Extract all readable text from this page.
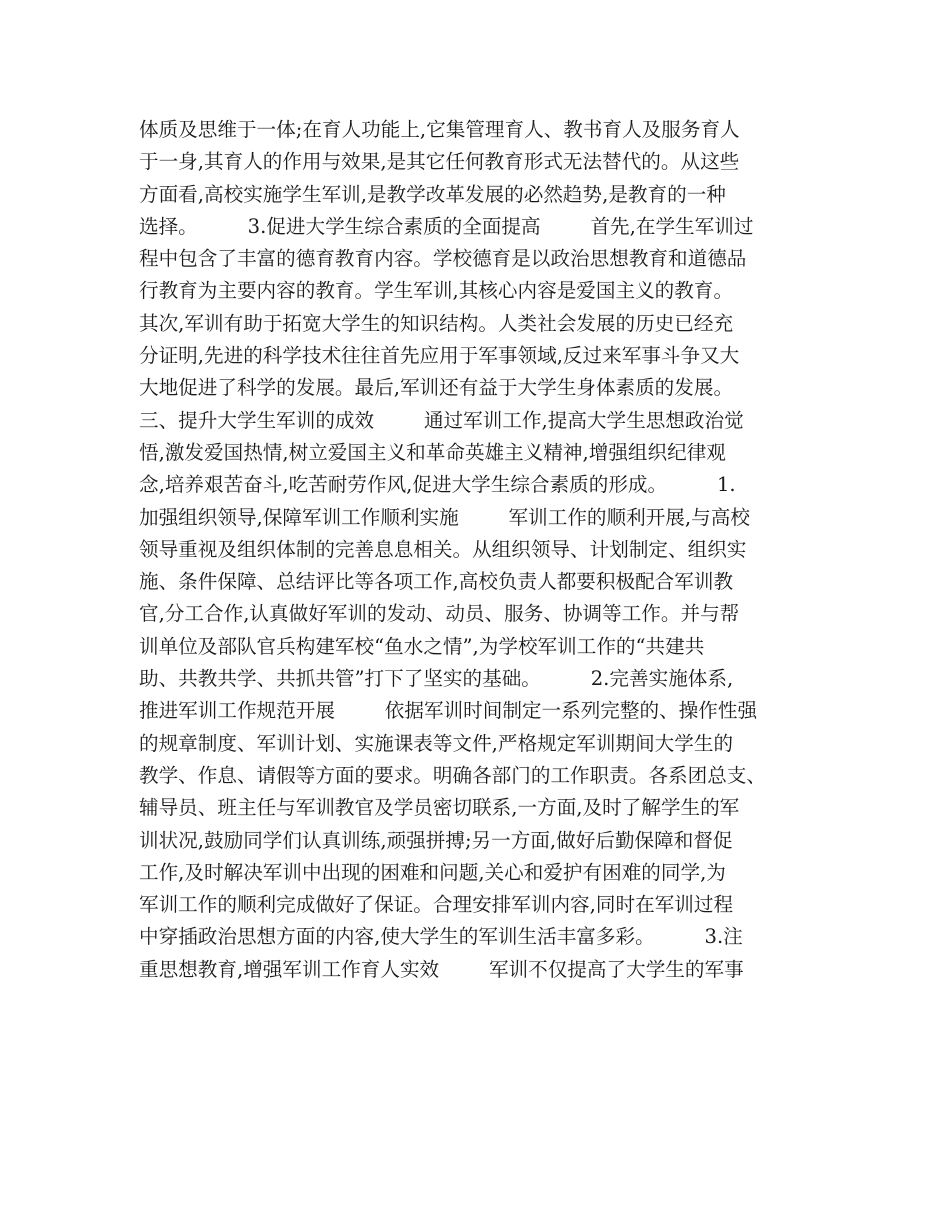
体质及思维于一体;在育人功能上,它集管理育人、教书育人及服务育人
于一身,其育人的作用与效果,是其它任何教育形式无法替代的。从这些
方面看,高校实施学生军训,是教学改革发展的必然趋势,是教育的一种
选择。        3.促进大学生综合素质的全面提高        首先,在学生军训过
程中包含了丰富的德育教育内容。学校德育是以政治思想教育和道德品
行教育为主要内容的教育。学生军训,其核心内容是爱国主义的教育。
其次,军训有助于拓宽大学生的知识结构。人类社会发展的历史已经充
分证明,先进的科学技术往往首先应用于军事领域,反过来军事斗争又大
大地促进了科学的发展。最后,军训还有益于大学生身体素质的发展。
三、提升大学生军训的成效        通过军训工作,提高大学生思想政治觉
悟,激发爱国热情,树立爱国主义和革命英雄主义精神,增强组织纪律观
念,培养艰苦奋斗,吃苦耐劳作风,促进大学生综合素质的形成。        1.
加强组织领导,保障军训工作顺利实施        军训工作的顺利开展,与高校
领导重视及组织体制的完善息息相关。从组织领导、计划制定、组织实
施、条件保障、总结评比等各项工作,高校负责人都要积极配合军训教
官,分工合作,认真做好军训的发动、动员、服务、协调等工作。并与帮
训单位及部队官兵构建军校“鱼水之情”,为学校军训工作的“共建共
助、共教共学、共抓共管”打下了坚实的基础。        2.完善实施体系,
推进军训工作规范开展        依据军训时间制定一系列完整的、操作性强
的规章制度、军训计划、实施课表等文件,严格规定军训期间大学生的
教学、作息、请假等方面的要求。明确各部门的工作职责。各系团总支、
辅导员、班主任与军训教官及学员密切联系,一方面,及时了解学生的军
训状况,鼓励同学们认真训练,顽强拼搏;另一方面,做好后勤保障和督促
工作,及时解决军训中出现的困难和问题,关心和爱护有困难的同学,为
军训工作的顺利完成做好了保证。合理安排军训内容,同时在军训过程
中穿插政治思想方面的内容,使大学生的军训生活丰富多彩。        3.注
重思想教育,增强军训工作育人实效        军训不仅提高了大学生的军事
